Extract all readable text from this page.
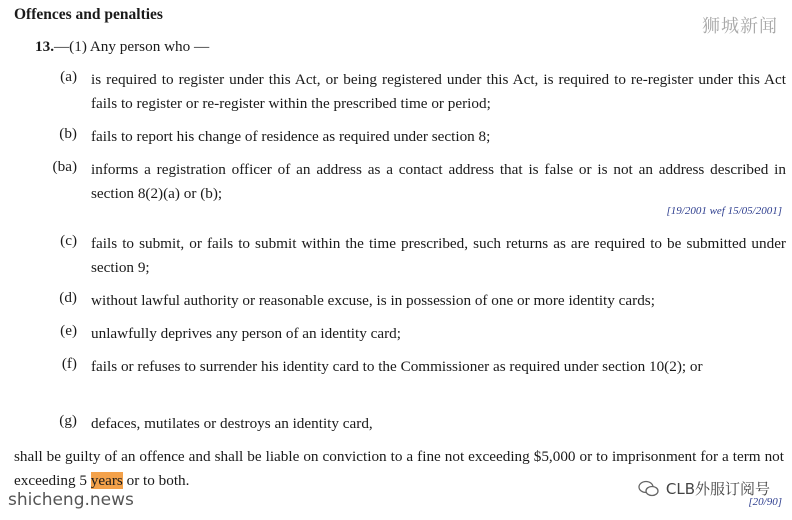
Offences and penalties
狮城新闻
13.—(1) Any person who —
(a) is required to register under this Act, or being registered under this Act, is required to re-register under this Act fails to register or re-register within the prescribed time or period;
(b) fails to report his change of residence as required under section 8;
(ba) informs a registration officer of an address as a contact address that is false or is not an address described in section 8(2)(a) or (b);
[19/2001 wef 15/05/2001]
(c) fails to submit, or fails to submit within the time prescribed, such returns as are required to be submitted under section 9;
(d) without lawful authority or reasonable excuse, is in possession of one or more identity cards;
(e) unlawfully deprives any person of an identity card;
(f) fails or refuses to surrender his identity card to the Commissioner as required under section 10(2); or
(g) defaces, mutilates or destroys an identity card,
shall be guilty of an offence and shall be liable on conviction to a fine not exceeding $5,000 or to imprisonment for a term not exceeding 5 years or to both.
shicheng.news
CLB外服订阅号
[20/90]
